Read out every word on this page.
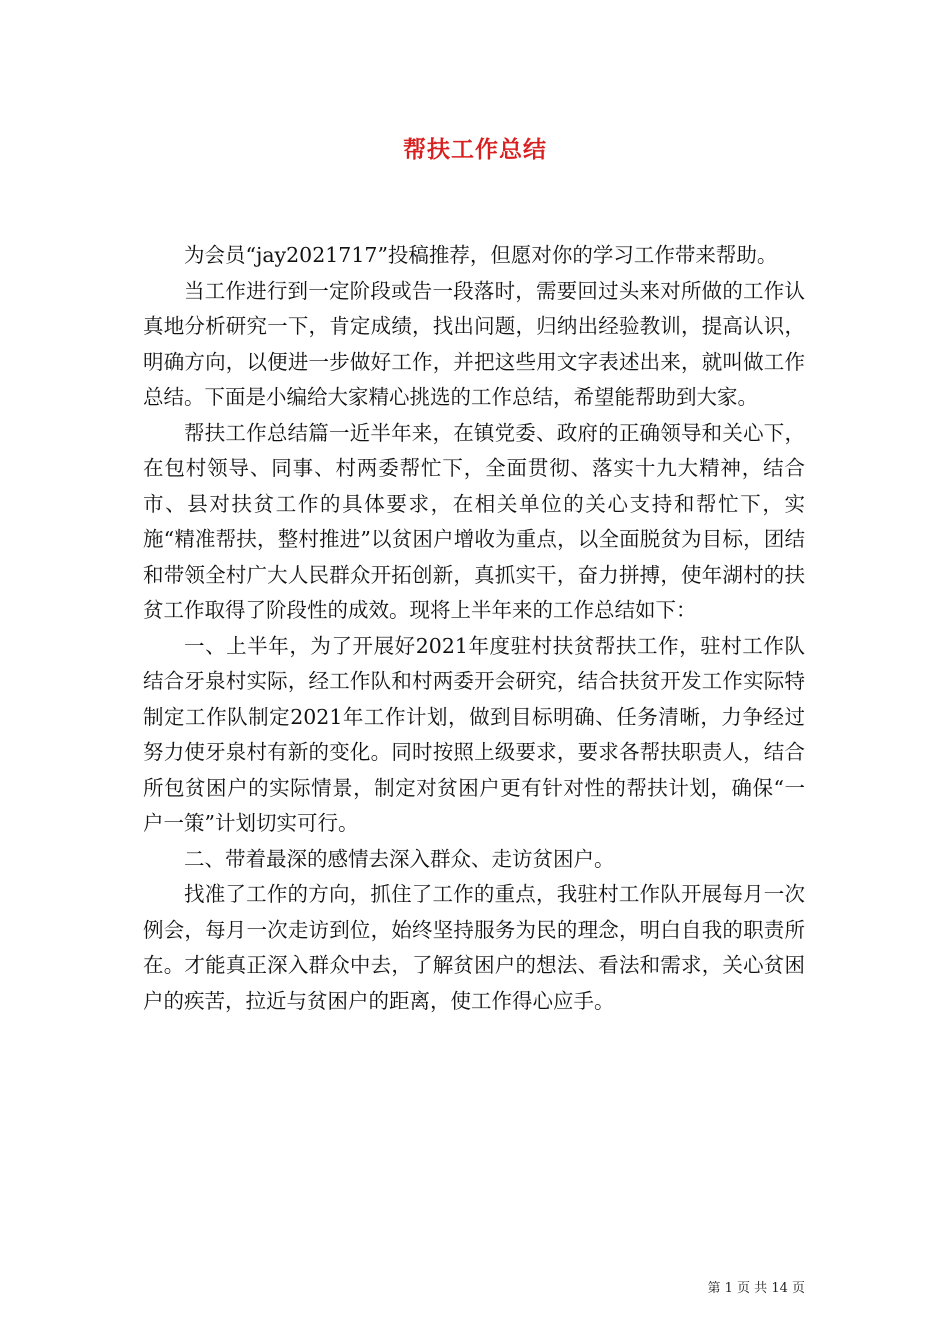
帮扶工作总结

为会员“jay2021717”投稿推荐，但愿对你的学习工作带来帮助。

当工作进行到一定阶段或告一段落时，需要回过头来对所做的工作认真地分析研究一下，肯定成绩，找出问题，归纳出经验教训，提高认识，明确方向，以便进一步做好工作，并把这些用文字表述出来，就叫做工作总结。下面是小编给大家精心挑选的工作总结，希望能帮助到大家。

帮扶工作总结篇一近半年来，在镇党委、政府的正确领导和关心下，在包村领导、同事、村两委帮忙下，全面贯彻、落实十九大精神，结合市、县对扶贫工作的具体要求，在相关单位的关心支持和帮忙下，实施“精准帮扶，整村推进”以贫困户增收为重点，以全面脱贫为目标，团结和带领全村广大人民群众开拓创新，真抓实干，奋力拼搏，使年湖村的扶贫工作取得了阶段性的成效。现将上半年来的工作总结如下：

一、上半年，为了开展好2021年度驻村扶贫帮扶工作，驻村工作队结合牙泉村实际，经工作队和村两委开会研究，结合扶贫开发工作实际特制定工作队制定2021年工作计划，做到目标明确、任务清晰，力争经过努力使牙泉村有新的变化。同时按照上级要求，要求各帮扶职责人，结合所包贫困户的实际情景，制定对贫困户更有针对性的帮扶计划，确保“一户一策”计划切实可行。

二、带着最深的感情去深入群众、走访贫困户。

找准了工作的方向，抓住了工作的重点，我驻村工作队开展每月一次例会，每月一次走访到位，始终坚持服务为民的理念，明白自我的职责所在。才能真正深入群众中去，了解贫困户的想法、看法和需求，关心贫困户的疾苦，拉近与贫困户的距离，使工作得心应手。

第 1 页 共 14 页
